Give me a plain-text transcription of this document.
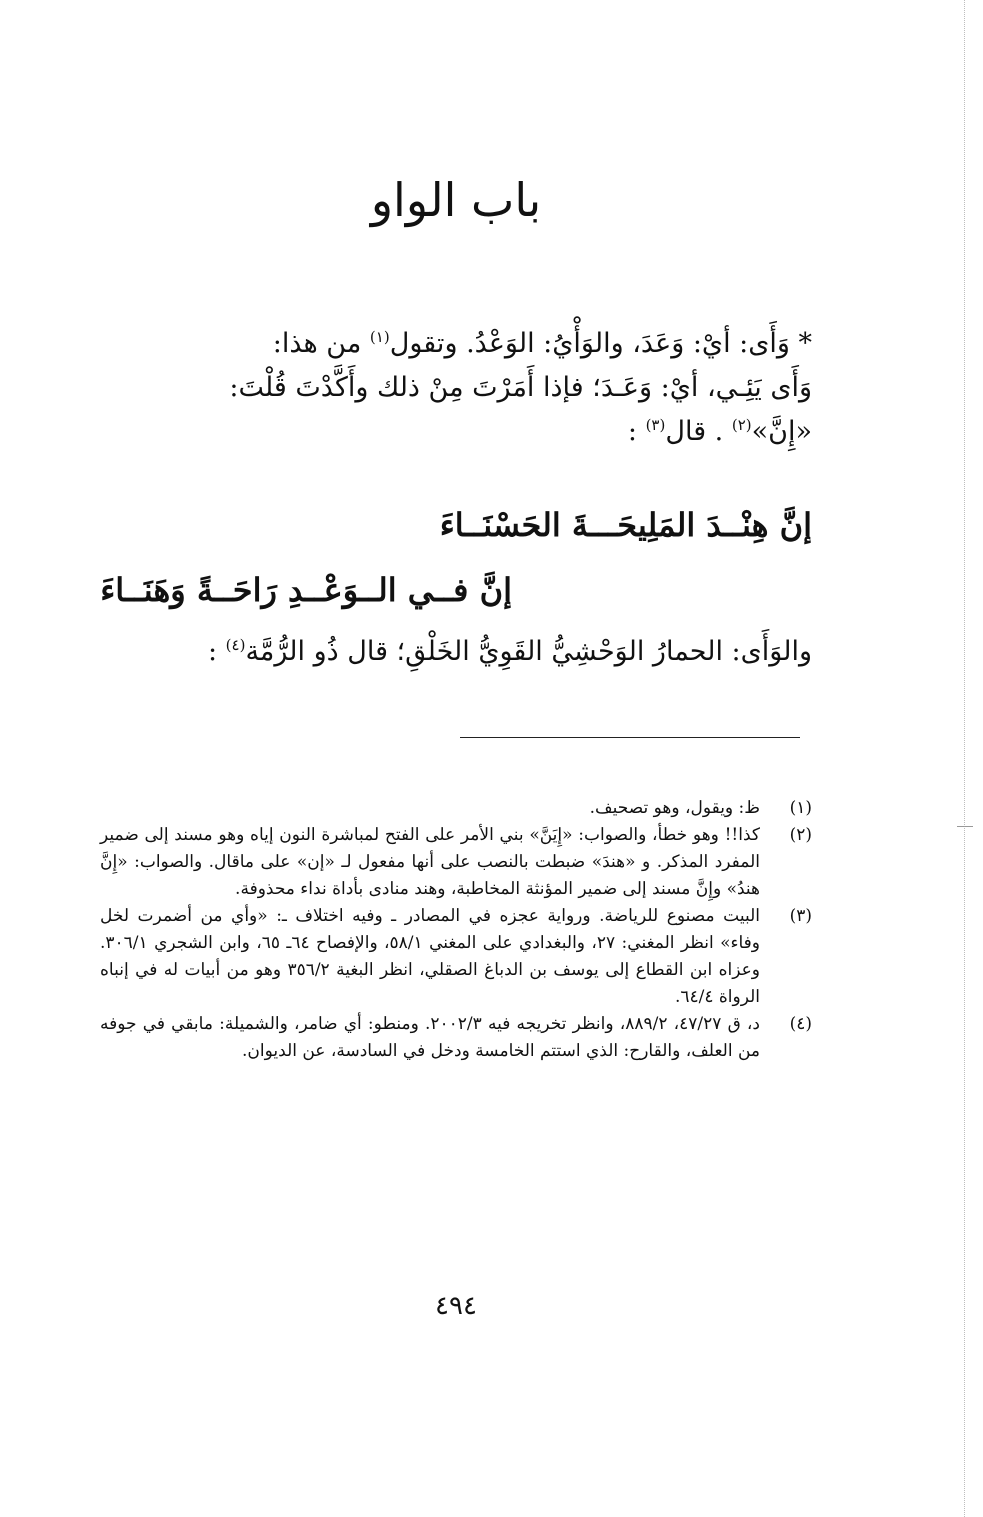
باب الواو
* وَأَى: أيْ: وَعَدَ، والوَأْيُ: الوَعْدُ. وتقول$^{(١)}$ من هذا:
وَأَى يَئِـي، أيْ: وَعَـدَ؛ فإذا أَمَرْتَ مِنْ ذلك وأَكَّدْتَ قُلْتَ:
«إِنَّ»$^{(٢)}$ . قال$^{(٣)}$ :
إنَّ هِنْــدَ المَلِيحَـــةَ الحَسْنَــاءَ
إنَّ فــي الــوَعْــدِ رَاحَــةً وَهَنَــاءَ
والوَأَى: الحمارُ الوَحْشِيُّ القَوِيُّ الخَلْقِ؛ قال ذُو الرُّمَّة$^{(٤)}$ :
(١)
ظ: ويقول، وهو تصحيف.
(٢)
كذا!! وهو خطأ، والصواب: «إِيَنَّ» بني الأمر على الفتح لمباشرة النون إياه وهو مسند إلى ضمير المفرد المذكر. و «هندَ» ضبطت بالنصب على أنها مفعول لـ «إن» على ماقال. والصواب: «إِنَّ هندُ» وإِنَّ مسند إلى ضمير المؤنثة المخاطبة، وهند منادى بأداة نداء محذوفة.
(٣)
البيت مصنوع للرياضة. ورواية عجزه في المصادر ـ وفيه اختلاف ـ: «وأي من أضمرت لخل وفاء» انظر المغني: ٢٧، والبغدادي على المغني ٥٨/١، والإفصاح ٦٤ـ ٦٥، وابن الشجري ٣٠٦/١. وعزاه ابن القطاع إلى يوسف بن الدباغ الصقلي، انظر البغية ٣٥٦/٢ وهو من أبيات له في إنباه الرواة ٦٤/٤.
(٤)
د، ق ٤٧/٢٧، ٨٨٩/٢، وانظر تخريجه فيه ٢٠٠٢/٣. ومنطو: أي ضامر، والشميلة: مابقي في جوفه من العلف، والقارح: الذي استتم الخامسة ودخل في السادسة، عن الديوان.
٤٩٤
